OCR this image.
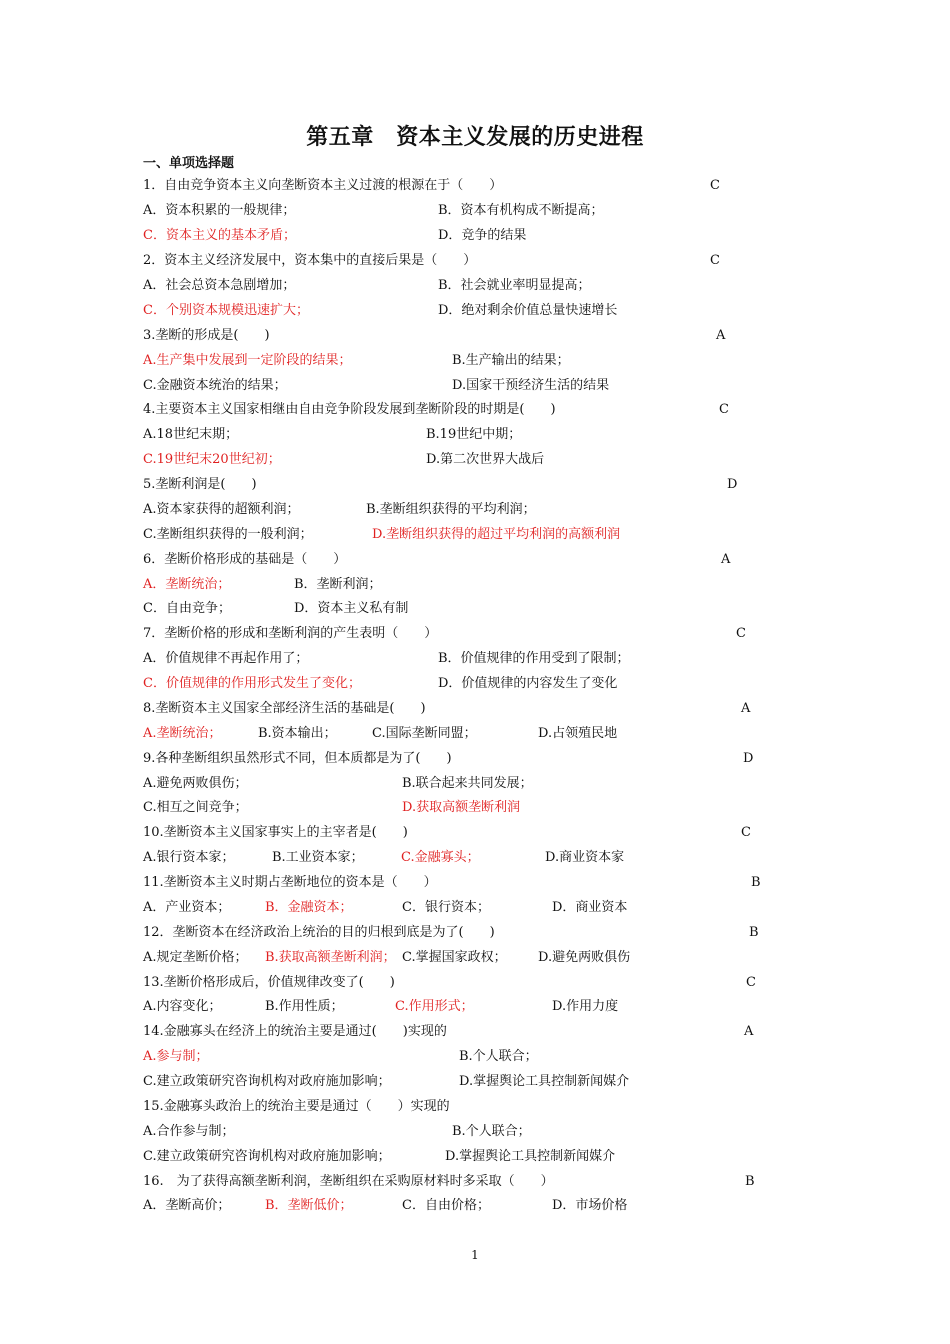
第五章　资本主义发展的历史进程
一、单项选择题
1．自由竞争资本主义向垄断资本主义过渡的根源在于（　　）	C
A．资本积累的一般规律；	B．资本有机构成不断提高；
C．资本主义的基本矛盾；	D．竞争的结果
2．资本主义经济发展中，资本集中的直接后果是（　　）	C
A．社会总资本急剧增加；	B．社会就业率明显提高；
C．个别资本规模迅速扩大；	D．绝对剩余价值总量快速增长
3.垄断的形成是(　　)	A
A.生产集中发展到一定阶段的结果；	B.生产输出的结果；
C.金融资本统治的结果；	D.国家干预经济生活的结果
4.主要资本主义国家相继由自由竞争阶段发展到垄断阶段的时期是(　　)	C
A.18世纪末期；	B.19世纪中期；
C.19世纪末20世纪初；	D.第二次世界大战后
5.垄断利润是(　　)	D
A.资本家获得的超额利润；	B.垄断组织获得的平均利润；
C.垄断组织获得的一般利润；	D.垄断组织获得的超过平均利润的高额利润
6．垄断价格形成的基础是（　　）	A
A．垄断统治；	B．垄断利润；
C．自由竞争；	D．资本主义私有制
7．垄断价格的形成和垄断利润的产生表明（　　）	C
A．价值规律不再起作用了；	B．价值规律的作用受到了限制；
C．价值规律的作用形式发生了变化；	D．价值规律的内容发生了变化
8.垄断资本主义国家全部经济生活的基础是(　　)	A
A.垄断统治；	B.资本输出；	C.国际垄断同盟；	D.占领殖民地
9.各种垄断组织虽然形式不同，但本质都是为了(　　)	D
A.避免两败俱伤；	B.联合起来共同发展；
C.相互之间竞争；	D.获取高额垄断利润
10.垄断资本主义国家事实上的主宰者是(　　)	C
A.银行资本家；	B.工业资本家；	C.金融寡头；	D.商业资本家
11.垄断资本主义时期占垄断地位的资本是（　　）	B
A．产业资本；	B．金融资本；	C．银行资本；	D．商业资本
12．垄断资本在经济政治上统治的目的归根到底是为了(　　)	B
A.规定垄断价格； B.获取高额垄断利润； C.掌握国家政权； D.避免两败俱伤
13.垄断价格形成后，价值规律改变了(　　)	C
A.内容变化；	B.作用性质；	C.作用形式；	D.作用力度
14.金融寡头在经济上的统治主要是通过(　　)实现的	A
A.参与制；	B.个人联合；
C.建立政策研究咨询机构对政府施加影响；	D.掌握舆论工具控制新闻媒介
15.金融寡头政治上的统治主要是通过（　　）实现的
A.合作参与制；	B.个人联合；
C.建立政策研究咨询机构对政府施加影响；	D.掌握舆论工具控制新闻媒介
16.　为了获得高额垄断利润，垄断组织在采购原材料时多采取（　　）	B
A．垄断高价；	B．垄断低价；	C．自由价格；	D．市场价格
1
